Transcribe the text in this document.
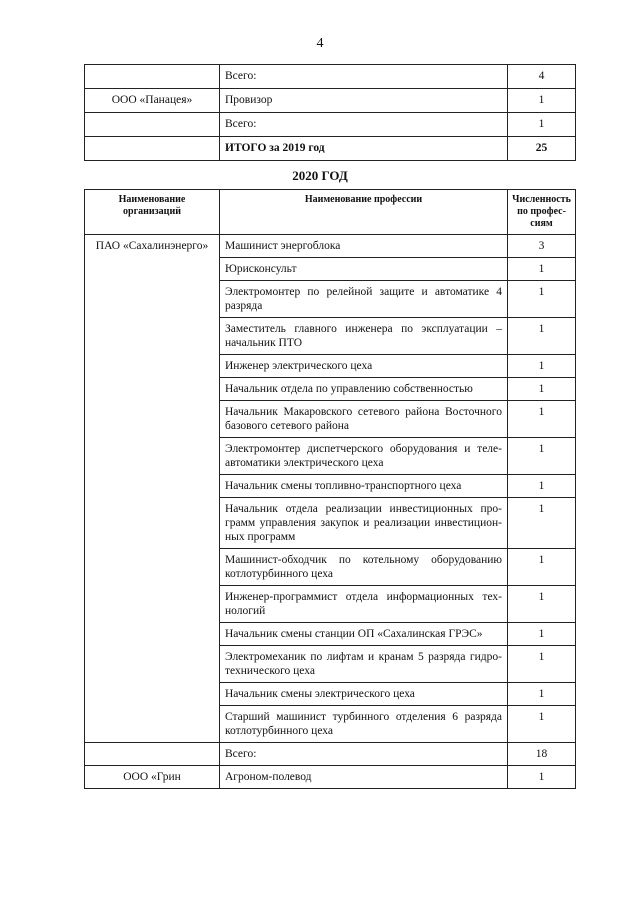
4
	Всего:	4
ООО «Панацея»	Провизор	1
	Всего:	1
	ИТОГО за 2019 год	25
2020 ГОД
Наименование организаций	Наименование профессии	Численность по профессиям
ПАО «Сахалинэнерго»	Машинист энергоблока	3
	Юрисконсульт	1
	Электромонтер по релейной защите и автоматике 4 разряда	1
	Заместитель главного инженера по эксплуатации – начальник ПТО	1
	Инженер электрического цеха	1
	Начальник отдела по управлению собственностью	1
	Начальник Макаровского сетевого района Восточного базового сетевого района	1
	Электромонтер диспетчерского оборудования и телеавтоматики электрического цеха	1
	Начальник смены топливно-транспортного цеха	1
	Начальник отдела реализации инвестиционных программ управления закупок и реализации инвестиционных программ	1
	Машинист-обходчик по котельному оборудованию котлотурбинного цеха	1
	Инженер-программист отдела информационных технологий	1
	Начальник смены станции ОП «Сахалинская ГРЭС»	1
	Электромеханик по лифтам и кранам 5 разряда гидротехнического цеха	1
	Начальник смены электрического цеха	1
	Старший машинист турбинного отделения 6 разряда котлотурбинного цеха	1
	Всего:	18
ООО «Грин	Агроном-полевод	1
